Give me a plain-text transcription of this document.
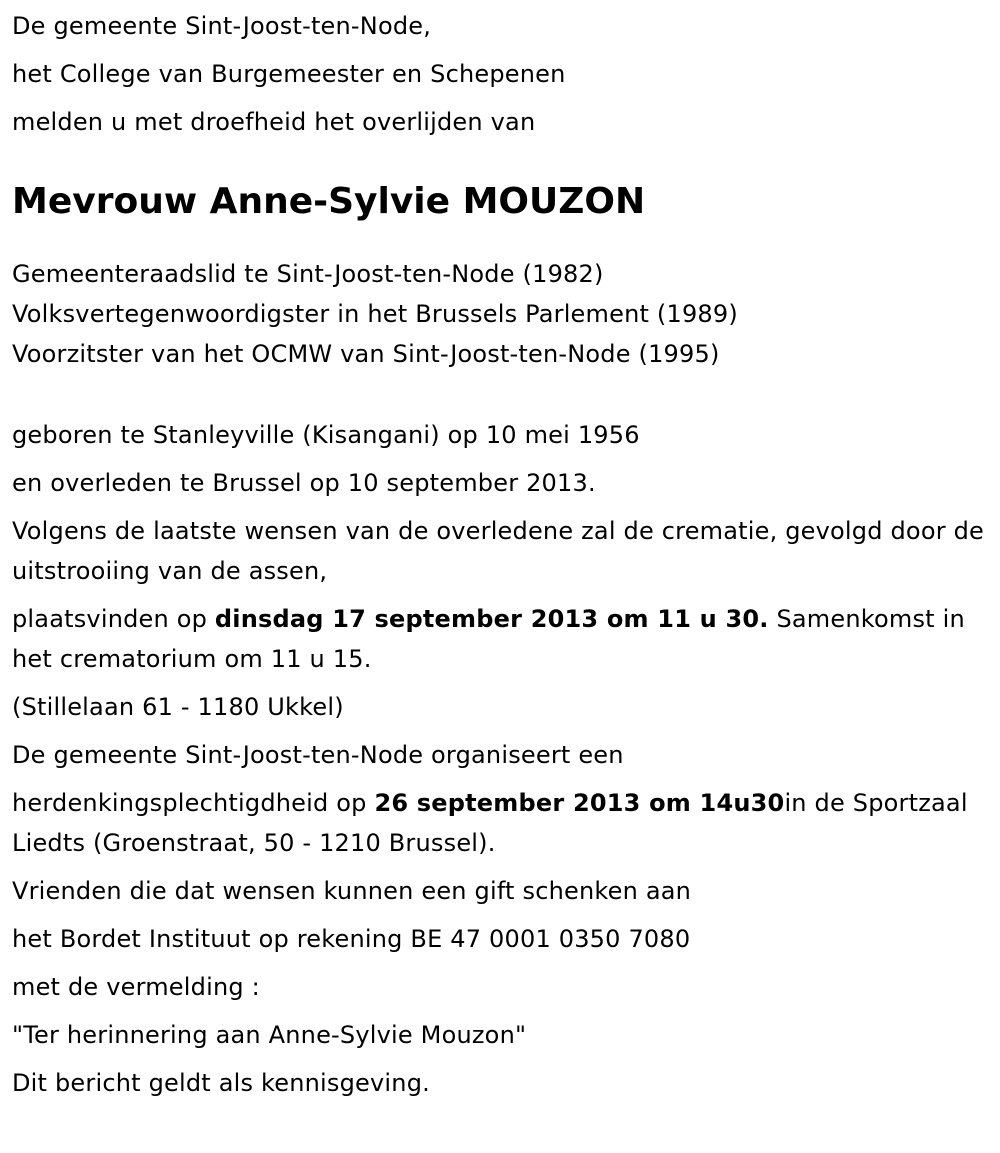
De gemeente Sint-Joost-ten-Node,

het College van Burgemeester en Schepenen

melden u met droefheid het overlijden van

Mevrouw Anne-Sylvie MOUZON

Gemeenteraadslid te Sint-Joost-ten-Node (1982)

Volksvertegenwoordigster in het Brussels Parlement (1989)

Voorzitster van het OCMW van Sint-Joost-ten-Node (1995)

geboren te Stanleyville (Kisangani) op 10 mei 1956

en overleden te Brussel op 10 september 2013.

Volgens de laatste wensen van de overledene zal de crematie, gevolgd door de uitstrooiing van de assen,

plaatsvinden op dinsdag 17 september 2013 om 11 u 30. Samenkomst in het crematorium om 11 u 15.

(Stillelaan 61 - 1180 Ukkel)

De gemeente Sint-Joost-ten-Node organiseert een

herdenkingsplechtigdheid op 26 september 2013 om 14u30in de Sportzaal Liedts (Groenstraat, 50 - 1210 Brussel).

Vrienden die dat wensen kunnen een gift schenken aan

het Bordet Instituut op rekening BE 47 0001 0350 7080

met de vermelding :

"Ter herinnering aan Anne-Sylvie Mouzon"

Dit bericht geldt als kennisgeving.
